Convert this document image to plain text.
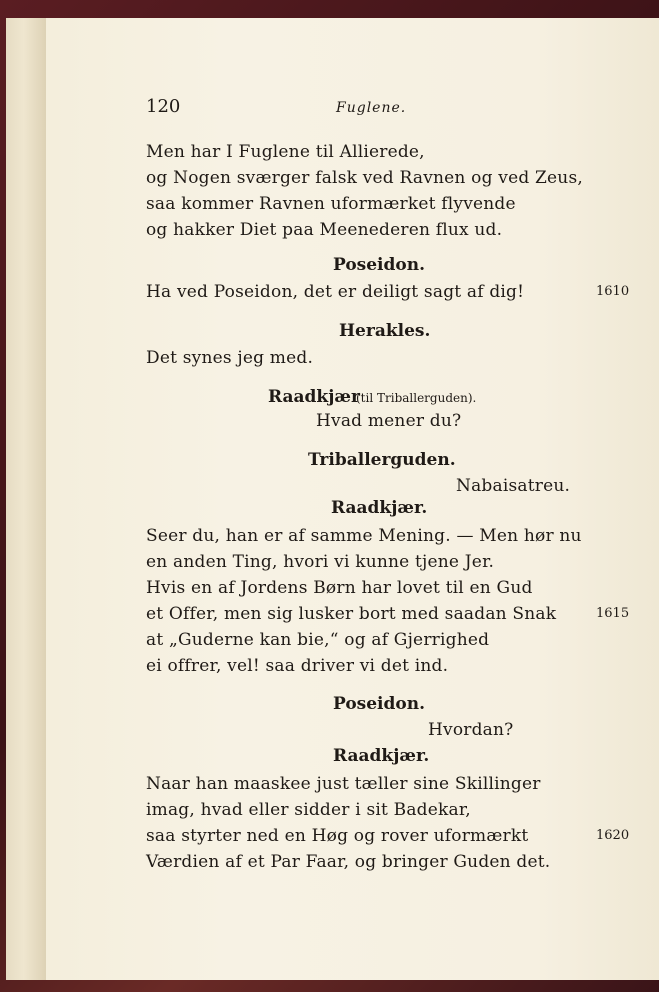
120	Fuglene.
Men har I Fuglene til Allierede,
og Nogen sværger falsk ved Ravnen og ved Zeus,
saa kommer Ravnen uformærket flyvende
og hakker Diet paa Meenederen flux ud.
Poseidon.
Ha ved Poseidon, det er deiligt sagt af dig!	1610
Herakles.
Det synes jeg med.
Raadkjær
(til Triballerguden).
Hvad mener du?
Triballerguden.
Nabaisatreu.
Raadkjær.
Seer du, han er af samme Mening. — Men hør nu
en anden Ting, hvori vi kunne tjene Jer.
Hvis en af Jordens Børn har lovet til en Gud
et Offer, men sig lusker bort med saadan Snak	1615
at „Guderne kan bie,“ og af Gjerrighed
ei offrer, vel! saa driver vi det ind.
Poseidon.
Hvordan?
Raadkjær.
Naar han maaskee just tæller sine Skillinger
imag, hvad eller sidder i sit Badekar,
saa styrter ned en Høg og rover uformærkt	1620
Værdien af et Par Faar, og bringer Guden det.
